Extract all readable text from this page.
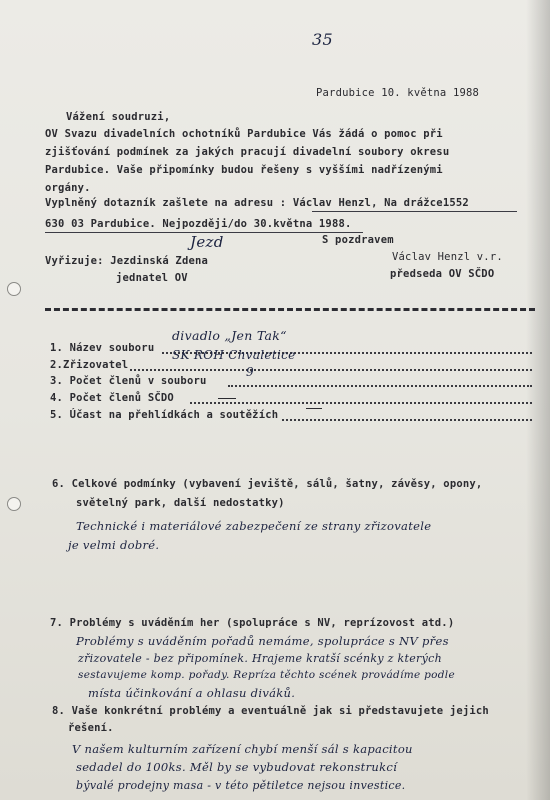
35
Pardubice 10. května 1988
Vážení soudruzi,
OV Svazu divadelních ochotníků Pardubice Vás žádá o pomoc při
zjišťování podmínek za jakých pracují divadelní soubory okresu
Pardubice. Vaše připomínky budou řešeny s vyššími nadřízenými
orgány.
Vyplněný dotazník zašlete na adresu : Václav Henzl, Na drážce1552
630 03 Pardubice. Nejpozději/do 30.května 1988.
S pozdravem
Jezd
Vyřizuje: Jezdinská Zdena
jednatel OV
Václav Henzl v.r.
předseda OV SČDO
1. Název souboru
divadlo „Jen Tak“
2.Zřizovatel
SK ROH Chvaletice
3. Počet členů v souboru
9
4. Počet členů SČDO
5. Účast na přehlídkách a soutěžích
6. Celkové podmínky (vybavení jeviště, sálů, šatny, závěsy, opony,
světelný park, další nedostatky)
Technické i materiálové zabezpečení ze strany zřizovatele
je velmi dobré.
7. Problémy s uváděním her (spolupráce s NV, reprízovost atd.)
Problémy s uváděním pořadů nemáme, spolupráce s NV přes
zřizovatele - bez připomínek. Hrajeme kratší scénky z kterých
sestavujeme komp. pořady. Repríza těchto scének provádíme podle
místa účinkování a ohlasu diváků.
8. Vaše konkrétní problémy a eventuálně jak si představujete jejich
řešení.
V našem kulturním zařízení chybí menší sál s kapacitou
sedadel do 100ks. Měl by se vybudovat rekonstrukcí
bývalé prodejny masa - v této pětiletce nejsou investice.
